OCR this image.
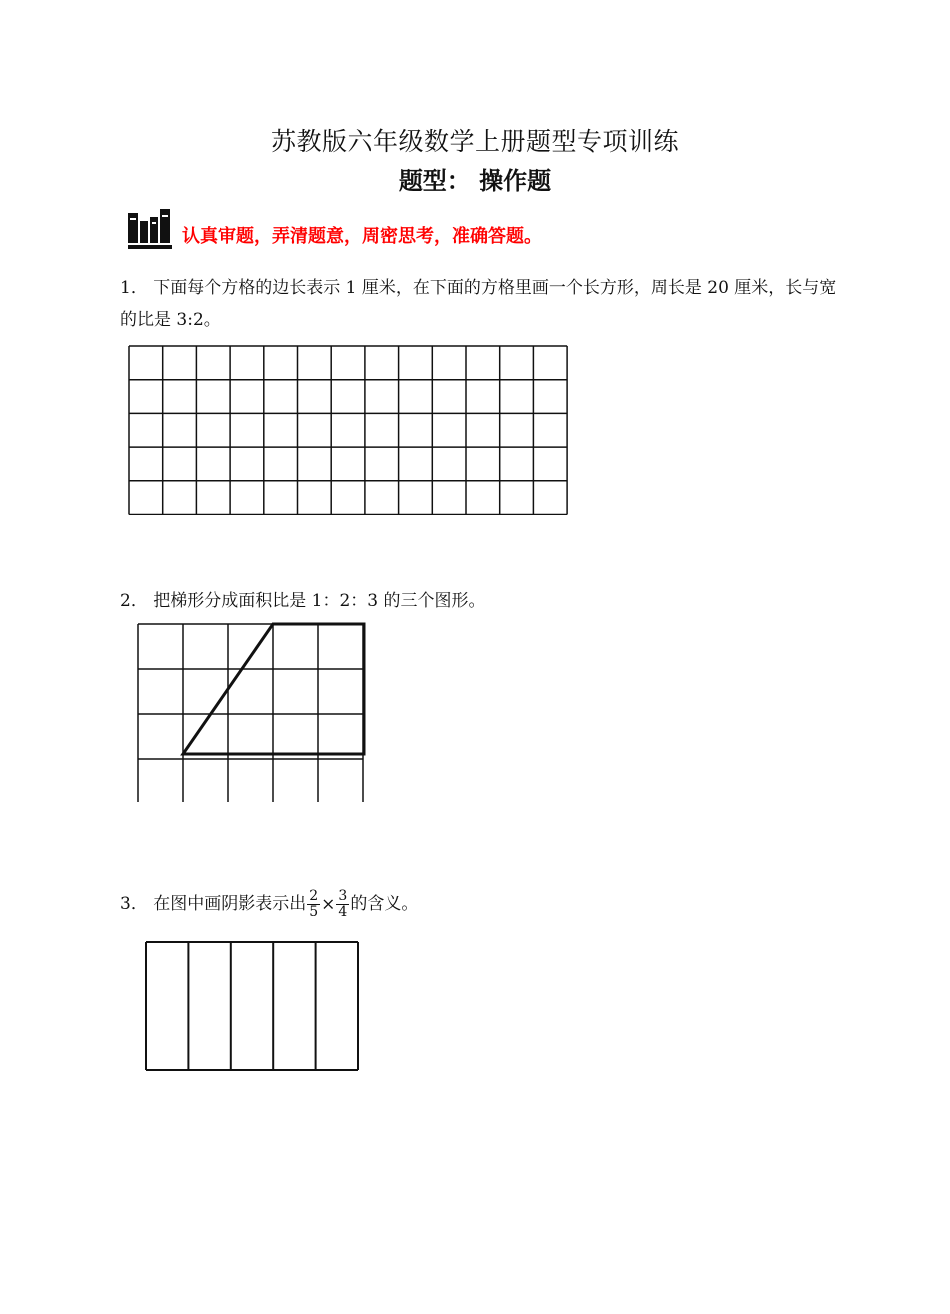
苏教版六年级数学上册题型专项训练
题型： 操作题
认真审题，弄清题意，周密思考，准确答题。
1． 下面每个方格的边长表示 1 厘米，在下面的方格里画一个长方形，周长是 20 厘米，长与宽的比是 3:2。
2． 把梯形分成面积比是 1：2：3 的三个图形。
3． 在图中画阴影表示出 $\frac{2}{5} \times \frac{3}{4}$ 的含义。
